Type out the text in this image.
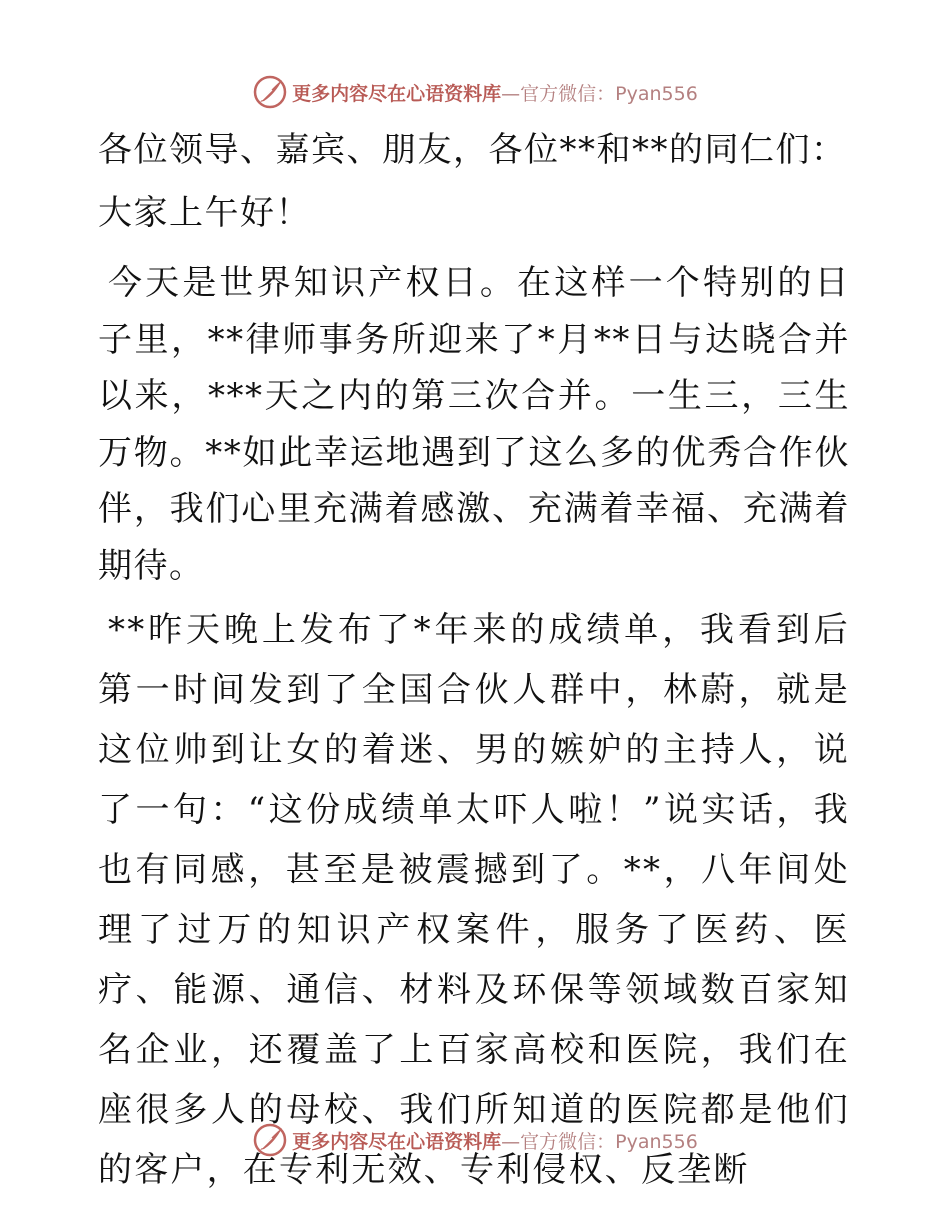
更多内容尽在心语资料库 —官方微信：Pyan556

各位领导、嘉宾、朋友，各位**和**的同仁们：

大家上午好！

今天是世界知识产权日。在这样一个特别的日子里，**律师事务所迎来了*月**日与达晓合并以来，***天之内的第三次合并。一生三，三生万物。**如此幸运地遇到了这么多的优秀合作伙伴，我们心里充满着感激、充满着幸福、充满着期待。

**昨天晚上发布了*年来的成绩单，我看到后第一时间发到了全国合伙人群中，林蔚，就是这位帅到让女的着迷、男的嫉妒的主持人，说了一句：“这份成绩单太吓人啦！”说实话，我也有同感，甚至是被震撼到了。**，八年间处理了过万的知识产权案件，服务了医药、医疗、能源、通信、材料及环保等领域数百家知名企业，还覆盖了上百家高校和医院，我们在座很多人的母校、我们所知道的医院都是他们的客户，在专利无效、专利侵权、反垄断

更多内容尽在心语资料库 —官方微信：Pyan556
